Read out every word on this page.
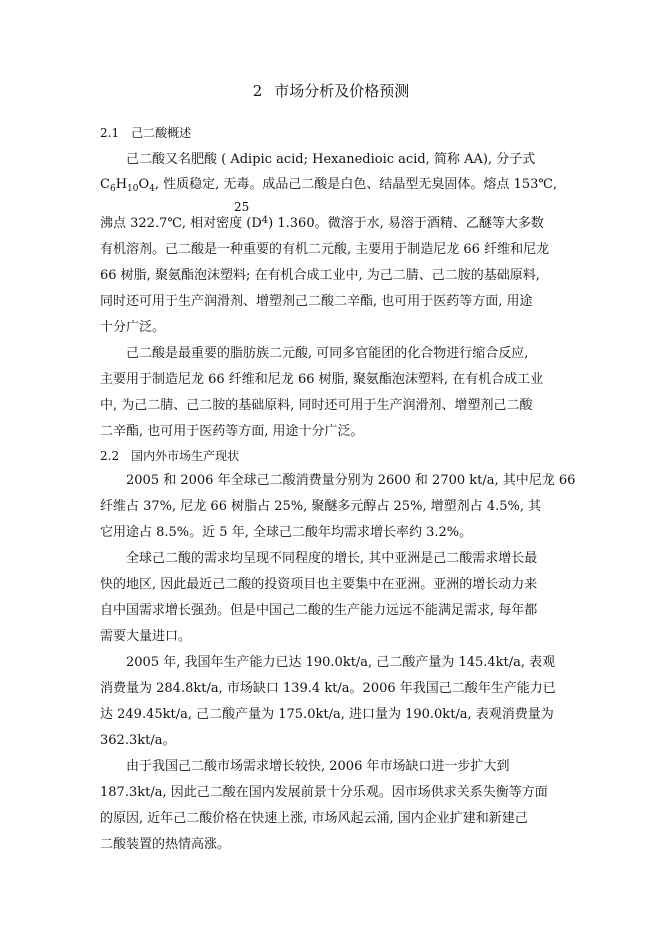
2 市场分析及价格预测

2.1 己二酸概述

己二酸又名肥酸 ( Adipic acid; Hexanedioic acid, 简称 AA), 分子式

$C_6H_{10}O_4$, 性质稳定, 无毒。成品己二酸是白色、结晶型无臭固体。熔点 153℃,

25

沸点 322.7℃, 相对密度 $(D^4)$ 1.360。微溶于水, 易溶于酒精、乙醚等大多数

有机溶剂。己二酸是一种重要的有机二元酸, 主要用于制造尼龙 66 纤维和尼龙

66 树脂, 聚氨酯泡沫塑料; 在有机合成工业中, 为己二腈、己二胺的基础原料,

同时还可用于生产润滑剂、增塑剂己二酸二辛酯, 也可用于医药等方面, 用途

十分广泛。

己二酸是最重要的脂肪族二元酸, 可同多官能团的化合物进行缩合反应,

主要用于制造尼龙 66 纤维和尼龙 66 树脂, 聚氨酯泡沫塑料, 在有机合成工业

中, 为己二腈、己二胺的基础原料, 同时还可用于生产润滑剂、增塑剂己二酸

二辛酯, 也可用于医药等方面, 用途十分广泛。

2.2 国内外市场生产现状

2005 和 2006 年全球己二酸消费量分别为 2600 和 2700 kt/a, 其中尼龙 66

纤维占 37%, 尼龙 66 树脂占 25%, 聚醚多元醇占 25%, 增塑剂占 4.5%, 其

它用途占 8.5%。近 5 年, 全球己二酸年均需求增长率约 3.2%。

全球己二酸的需求均呈现不同程度的增长, 其中亚洲是己二酸需求增长最

快的地区, 因此最近己二酸的投资项目也主要集中在亚洲。亚洲的增长动力来

自中国需求增长强劲。但是中国己二酸的生产能力远远不能满足需求, 每年都

需要大量进口。

2005 年, 我国年生产能力已达 190.0kt/a, 己二酸产量为 145.4kt/a, 表观

消费量为 284.8kt/a, 市场缺口 139.4 kt/a。2006 年我国己二酸年生产能力已

达 249.45kt/a, 己二酸产量为 175.0kt/a, 进口量为 190.0kt/a, 表观消费量为

362.3kt/a。

由于我国己二酸市场需求增长较快, 2006 年市场缺口进一步扩大到

187.3kt/a, 因此己二酸在国内发展前景十分乐观。因市场供求关系失衡等方面

的原因, 近年己二酸价格在快速上涨, 市场风起云涌, 国内企业扩建和新建己

二酸装置的热情高涨。
